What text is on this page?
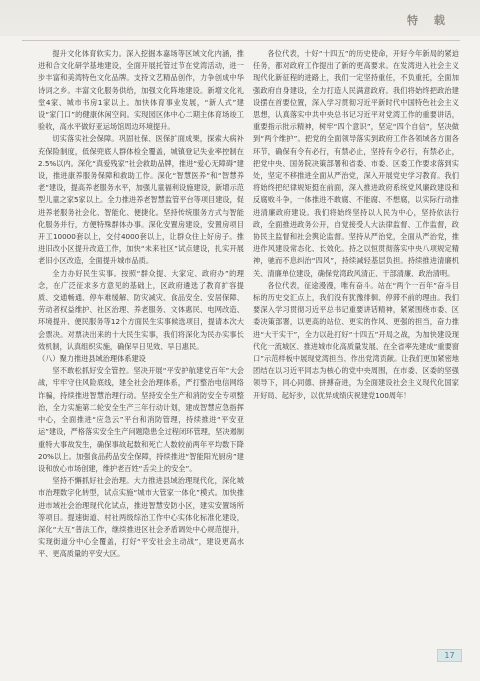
特 载

提升文化体育软实力。深入挖掘本嘉场等区域文化内涵，推进和合文化研学基地建设，全面开展托管过节在党湾活动，进一步丰富和美湾特色文化品牌。支持文艺精品创作，力争创成中华诗词之乡。丰富文化服务供给，加强文化阵地建设。新增文化礼堂4家、城市书房1家以上。加快体育事业发展，“新人式”建设“家门口”的健康休闲空间。实现园区体中心二期主体育场竣工验收，高水平做好亚运场馆周边环境提升。

切实落实社会保障。巩固社保、医保扩面成果，探索大病补充保险制度，低保兜底人群体检全覆盖，城镇登记失业率控制在2.5%以内。深化“真爱残家”社会救助品牌，推进“爱心无障碍”建设，推进康养服务保障和救助工作。深化“智慧医养”和“智慧养老”建设，提高养老服务水平，加强儿童福利设施建设，新增示范型儿童之家5家以上。全力推进养老智慧监管平台等项目建设，促进养老服务社会化、智能化、便捷化。坚持传统服务方式与智能化服务并行，方便特殊群体办事。深化安置房建设，安置房项目开工10000套以上，交付4000套以上，让群众住上好房子。推进旧改小区提升改造工作，加快“未来社区”试点建设，扎实开展老旧小区改造，全面提升城市品质。

全力办好民生实事。按照“群众提、大家定、政府办”的理念，在广泛征求多方意见的基础上，区政府遴选了教育扩容提质、交通畅通、停车难缓解、防灾减灾、食品安全、安居保障、劳动者权益维护、社区治理、养老服务、文体惠民、电网改造、环境提升、便民服务等12个方面民生实事候选项目，提请本次大会票决。对票决出来的十大民生实事，我们将深化为民办实事长效机制，认真组织实施，确保早日见效、早日惠民。

（八）聚力推进县域治理体系建设

坚不敢松抓好安全管控。坚决开展“平安护航建党百年”大会战，牢牢守住风险底线，建全社会治理体系，严打整治电信网络诈骗，持续推进智慧治理行动。坚持安全生产和消防安全专项整治，全力实施第二轮安全生产三年行动计划，建成智慧应急指挥中心，全面推进“应急云”平台和消防管理，持续推进“平安亚运”建设，严格落实安全生产问题隐患全过程闭环管理，坚决遏制重特大事故发生，确保事故起数和死亡人数较前两年平均数下降20%以上。加强食品药品安全保障，持续推进“智能阳光厨房”建设和放心市场创建，维护老百姓“舌尖上的安全”。

坚持不懈抓好社会治理。大力推进县域治理现代化，深化城市治理数字化转型，试点实施“城市大管家一体化”模式。加快推进市域社会治理现代化试点，推进智慧安防小区，建实安置场所等项目。提速街道、村社两级综治工作中心实体化标准化建设，深化“大互”普法工作，继续推进区社会矛盾调处中心规范提升，实现街道分中心全覆盖，打好“平安社会主动战”，建设更高水平、更高质量的平安大区。

各位代表，十好“十四五”的历史使命，开好今年新局的紧迫任务，都对政府工作提出了新的更高要求。在发湾进入社会主义现代化新征程的进路上，我们一定坚持重任，不负重托，全面加强政府自身建设，全力打造人民满意政府。我们将始终把政治建设摆在首要位置，深入学习贯彻习近平新时代中国特色社会主义思想，认真落实中共中央总书记习近平对党湾工作的重要讲话，重要指示批示精神，树牢“四个意识”，坚定“四个自信”，坚决做到“两个维护”。把党的全面领导落实到政府工作各领域各方面各环节，确保有令有必行，有禁必止，坚持有令必行，有禁必止，把党中央、国务院决策部署和省委、市委、区委工作要求落到实处，坚定不移推进全面从严治党，深入开展党史学习教育。我们将始终把纪律规矩挺在前面，深入推进政府系统党风廉政建设和反腐败斗争，一体推进不敢腐、不能腐、不想腐，以实际行动推进清廉政府建设。我们将始终坚持以人民为中心，坚持依法行政，全面推进政务公开，自觉接受人大法律监督、工作监督，政协民主监督和社会舆论监督。坚持从严治党，全面从严治党，推进作风建设常态化、长效化。持之以恒贯彻落实中央八项规定精神，驰而不息纠治“四风”，持续减轻基层负担。持续推进清廉机关、清廉单位建设，确保党湾政风清正、干部清廉、政治清明。

各位代表，征途漫漫，唯有奋斗。站在“两个一百年”奋斗目标的历史交汇点上，我们没有犹豫徘徊、停滞不前的理由。我们要深入学习贯彻习近平总书记重要讲话精神，紧紧围绕市委、区委决策部署，以更高的站位、更实的作风、更强的担当，奋力推进“大干实干”，全力以赴打好“十四五”开局之战，为加快建设现代化一流城区、推进城市化高质量发展、在全省率先建成“重要窗口”示范样板中展现党湾担当、作出党湾贡献。让我们更加紧密地团结在以习近平同志为核心的党中央周围，在市委、区委的坚强领导下，同心同德、拼搏奋进，为全面建设社会主义现代化国家开好局、起好步，以优异成绩庆祝建党100周年！

17
